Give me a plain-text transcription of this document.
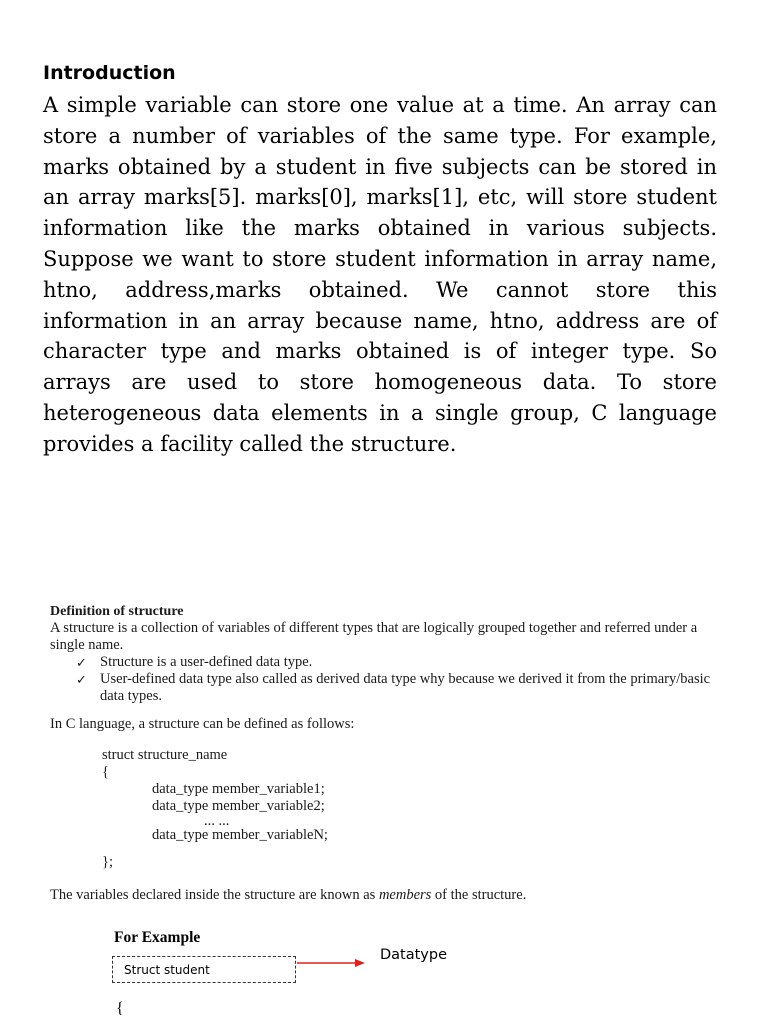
Introduction

A simple variable can store one value at a time. An array can store a number of variables of the same type. For example, marks obtained by a student in five subjects can be stored in an array marks[5]. marks[0], marks[1], etc, will store student information like the marks obtained in various subjects. Suppose we want to store student information in array name, htno, address,marks obtained. We cannot store this information in an array because name, htno, address are of character type and marks obtained is of integer type. So arrays are used to store homogeneous data. To store heterogeneous data elements in a single group, C language provides a facility called the structure.

Definition of structure

A structure is a collection of variables of different types that are logically grouped together and referred under a single name.

✓ Structure is a user-defined data type.
✓ User-defined data type also called as derived data type why because we derived it from the primary/basic data types.
In C language, a structure can be defined as follows:
struct structure_name
{
data_type member_variable1;
data_type member_variable2;
... ...
data_type member_variableN;
};
The variables declared inside the structure are known as members of the structure.
For Example
Struct student
Datatype
{
